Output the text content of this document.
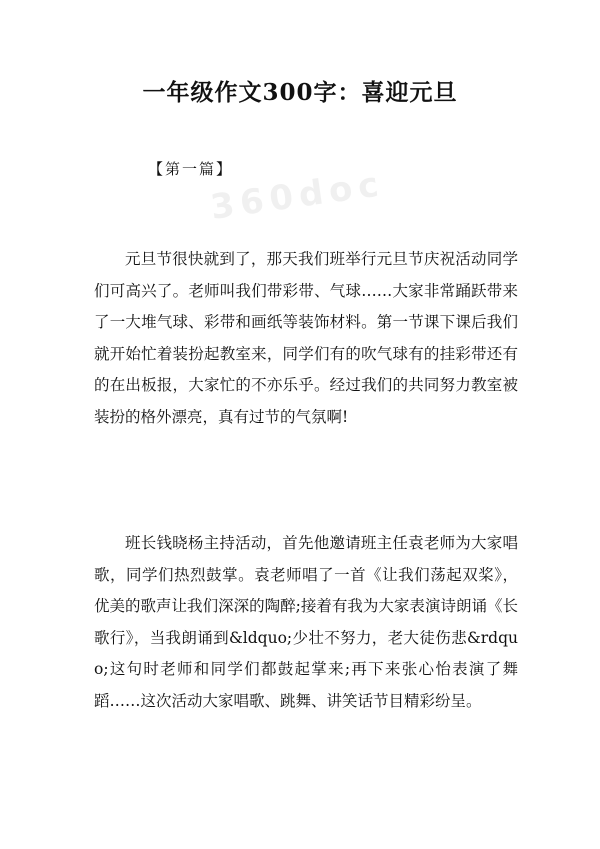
360doc
一年级作文300字：喜迎元旦
【第一篇】

元旦节很快就到了，那天我们班举行元旦节庆祝活动同学们可高兴了。老师叫我们带彩带、气球……大家非常踊跃带来了一大堆气球、彩带和画纸等装饰材料。第一节课下课后我们就开始忙着装扮起教室来，同学们有的吹气球有的挂彩带还有的在出板报，大家忙的不亦乐乎。经过我们的共同努力教室被装扮的格外漂亮，真有过节的气氛啊!

班长钱晓杨主持活动，首先他邀请班主任袁老师为大家唱歌，同学们热烈鼓掌。袁老师唱了一首《让我们荡起双桨》，优美的歌声让我们深深的陶醉;接着有我为大家表演诗朗诵《长歌行》，当我朗诵到&ldquo;少壮不努力，老大徒伤悲&rdquo;这句时老师和同学们都鼓起掌来;再下来张心怡表演了舞蹈……这次活动大家唱歌、跳舞、讲笑话节目精彩纷呈。
